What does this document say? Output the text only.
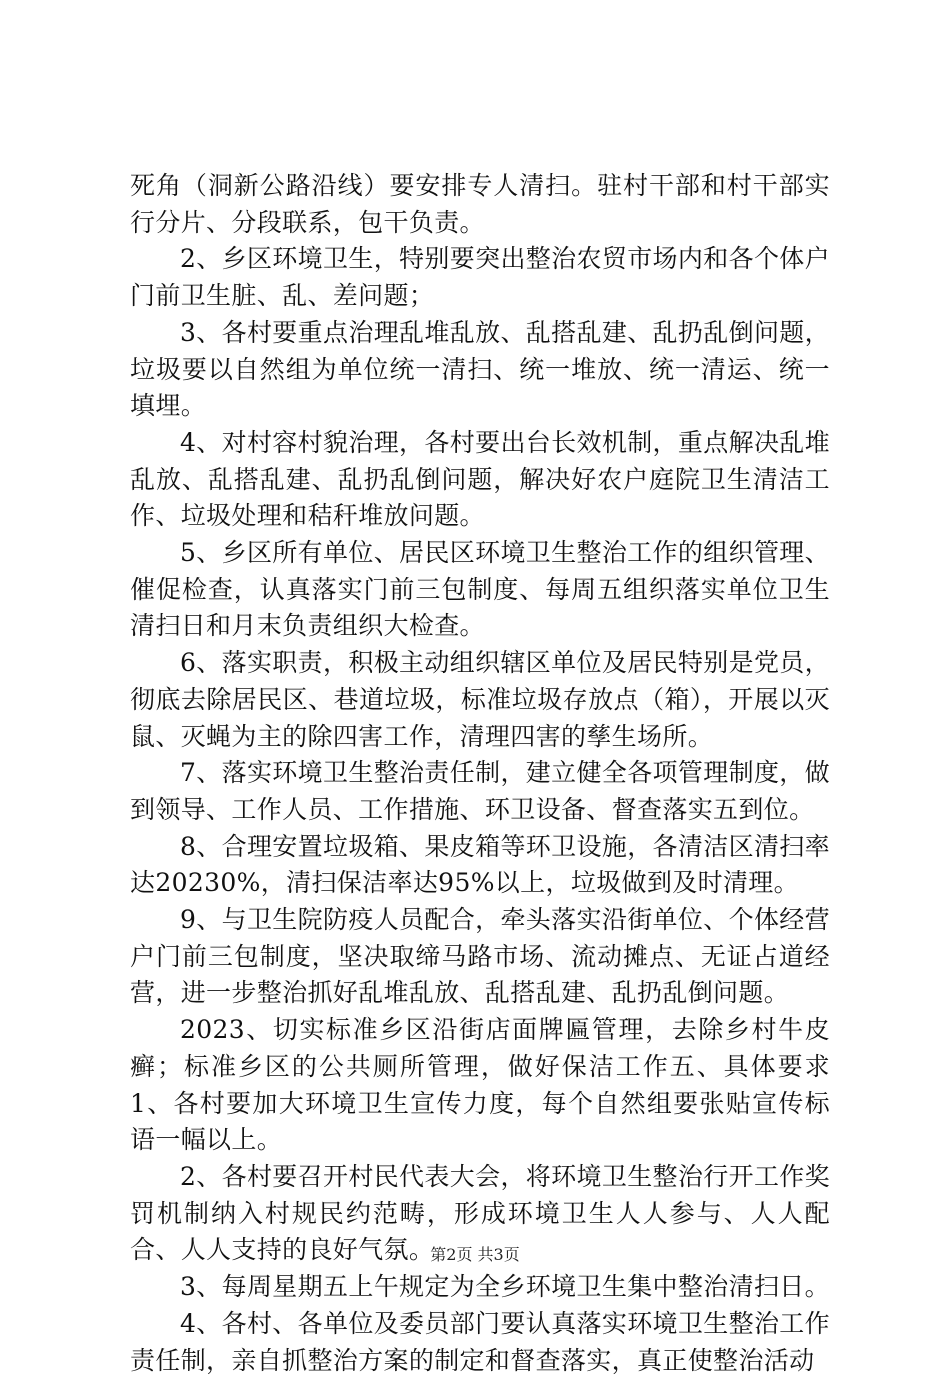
死角（洞新公路沿线）要安排专人清扫。驻村干部和村干部实行分片、分段联系，包干负责。

2、乡区环境卫生，特别要突出整治农贸市场内和各个体户门前卫生脏、乱、差问题；

3、各村要重点治理乱堆乱放、乱搭乱建、乱扔乱倒问题，垃圾要以自然组为单位统一清扫、统一堆放、统一清运、统一填埋。

4、对村容村貌治理，各村要出台长效机制，重点解决乱堆乱放、乱搭乱建、乱扔乱倒问题，解决好农户庭院卫生清洁工作、垃圾处理和秸秆堆放问题。

5、乡区所有单位、居民区环境卫生整治工作的组织管理、催促检查，认真落实门前三包制度、每周五组织落实单位卫生清扫日和月末负责组织大检查。

6、落实职责，积极主动组织辖区单位及居民特别是党员，彻底去除居民区、巷道垃圾，标准垃圾存放点（箱），开展以灭鼠、灭蝇为主的除四害工作，清理四害的孳生场所。

7、落实环境卫生整治责任制，建立健全各项管理制度，做到领导、工作人员、工作措施、环卫设备、督查落实五到位。

8、合理安置垃圾箱、果皮箱等环卫设施，各清洁区清扫率达20230%，清扫保洁率达95%以上，垃圾做到及时清理。

9、与卫生院防疫人员配合，牵头落实沿街单位、个体经营户门前三包制度，坚决取缔马路市场、流动摊点、无证占道经营，进一步整治抓好乱堆乱放、乱搭乱建、乱扔乱倒问题。

2023、切实标准乡区沿街店面牌匾管理，去除乡村牛皮癣；标准乡区的公共厕所管理，做好保洁工作五、具体要求1、各村要加大环境卫生宣传力度，每个自然组要张贴宣传标语一幅以上。

2、各村要召开村民代表大会，将环境卫生整治行开工作奖罚机制纳入村规民约范畴，形成环境卫生人人参与、人人配合、人人支持的良好气氛。

3、每周星期五上午规定为全乡环境卫生集中整治清扫日。

4、各村、各单位及委员部门要认真落实环境卫生整治工作责任制，亲自抓整治方案的制定和督查落实，真正使整治活动

第2页 共3页
